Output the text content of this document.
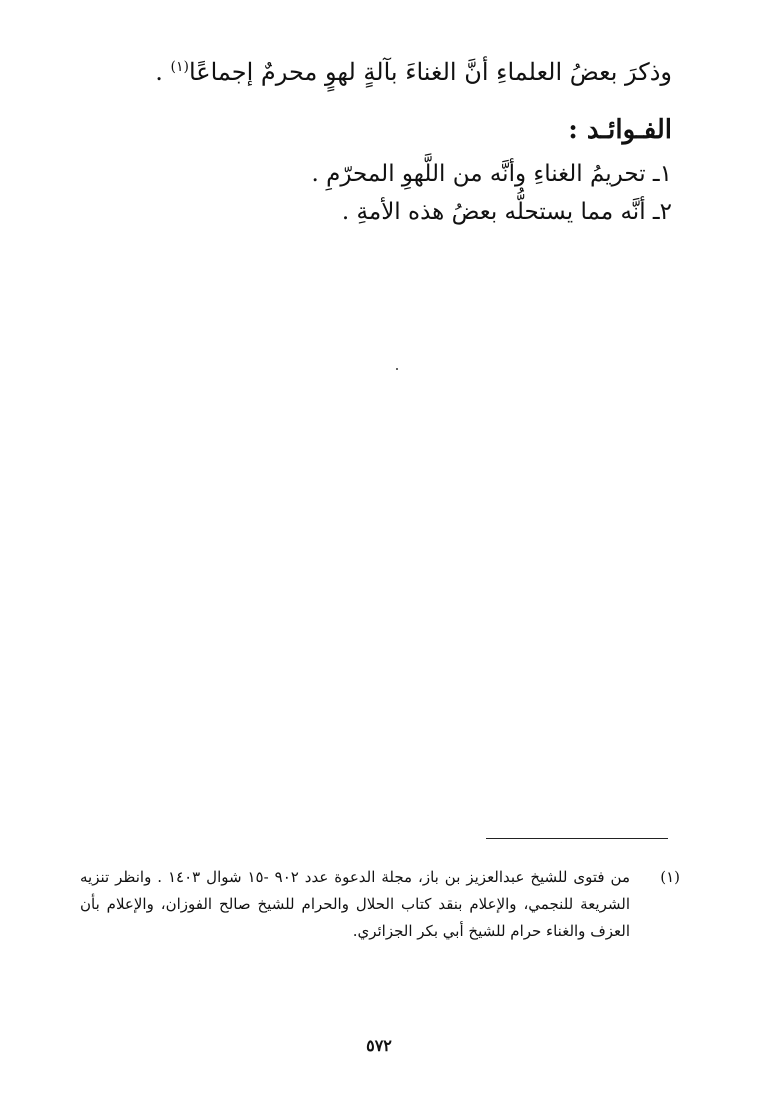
وذكرَ بعضُ العلماءِ أنَّ الغناءَ بآلةٍ لهوٍ محرمٌ إجماعًا$^{(١)}$ .
الفـوائـد :
١ـ تحريمُ الغناءِ وأنَّه من اللَّهوِ المحرّمِ .
٢ـ أنَّه مما يستحلُّه بعضُ هذه الأمةِ .
(١)
من فتوى للشيخ عبدالعزيز بن باز، مجلة الدعوة عدد ٩٠٢ -١٥ شوال ١٤٠٣ . وانظر تنزيه الشريعة للنجمي، والإعلام بنقد كتاب الحلال والحرام للشيخ صالح الفوزان، والإعلام بأن العزف والغناء حرام للشيخ أبي بكر الجزائري.
٥٧٢
